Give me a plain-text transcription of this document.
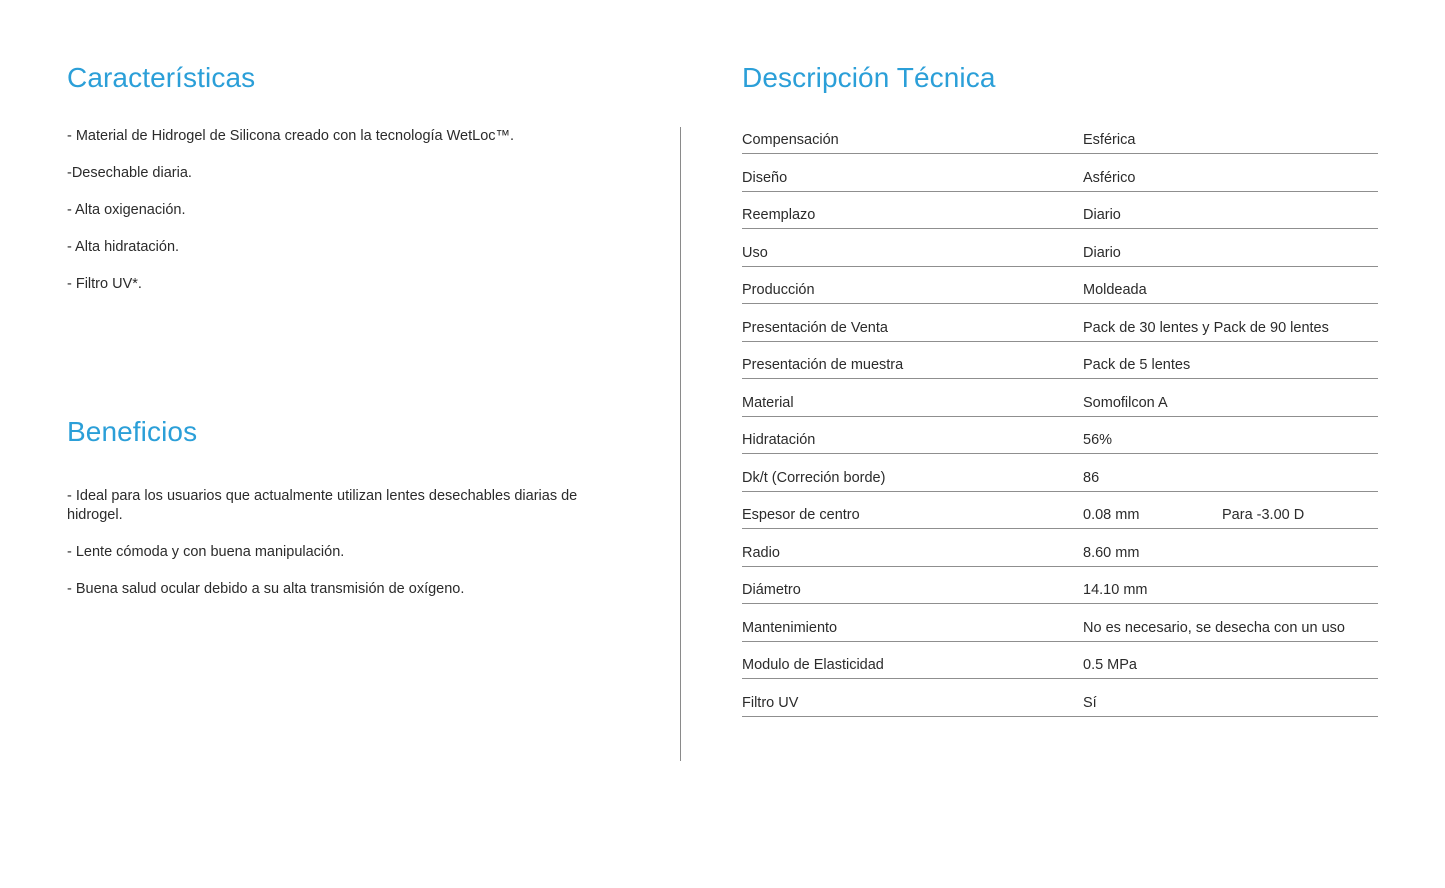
Características
- Material de Hidrogel de Silicona creado con la tecnología WetLoc™.
-Desechable diaria.
- Alta oxigenación.
- Alta hidratación.
- Filtro UV*.
Beneficios
- Ideal para los usuarios que actualmente utilizan lentes desechables diarias de hidrogel.
- Lente cómoda y con buena manipulación.
- Buena salud ocular debido a su alta transmisión de oxígeno.
Descripción Técnica
Compensación	Esférica
Diseño	Asférico
Reemplazo	Diario
Uso	Diario
Producción	Moldeada
Presentación de Venta	Pack de 30 lentes y Pack de 90 lentes
Presentación de muestra	Pack de 5 lentes
Material	Somofilcon A
Hidratación	56%
Dk/t (Correción borde)	86
Espesor de centro	0.08 mm	Para -3.00 D
Radio	8.60 mm
Diámetro	14.10 mm
Mantenimiento	No es necesario, se desecha con un uso
Modulo de Elasticidad	0.5 MPa
Filtro UV	Sí
